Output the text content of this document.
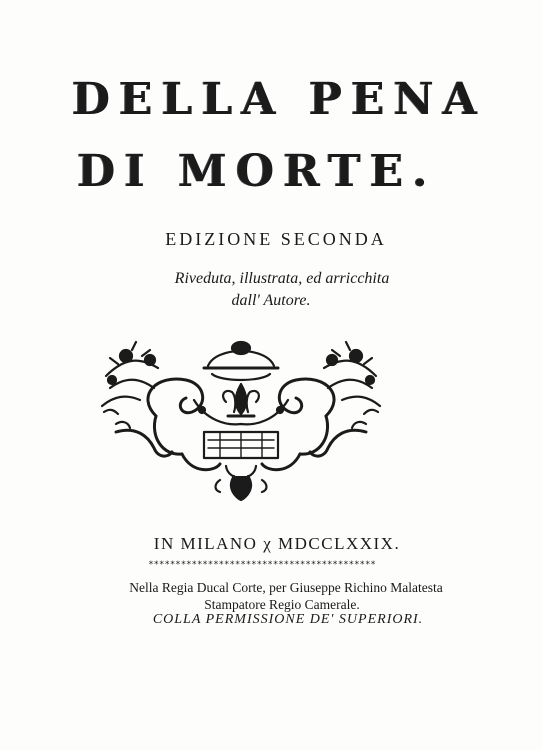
DELLA PENA
DI MORTE.
EDIZIONE SECONDA
Riveduta, illustrata, ed arricchita
dall' Autore.
IN MILANO χ MDCCLXXIX.
******************************************
Nella Regia Ducal Corte, per Giuseppe Richino Malatesta
Stampatore Regio Camerale.
COLLA PERMISSIONE DE' SUPERIORI.
